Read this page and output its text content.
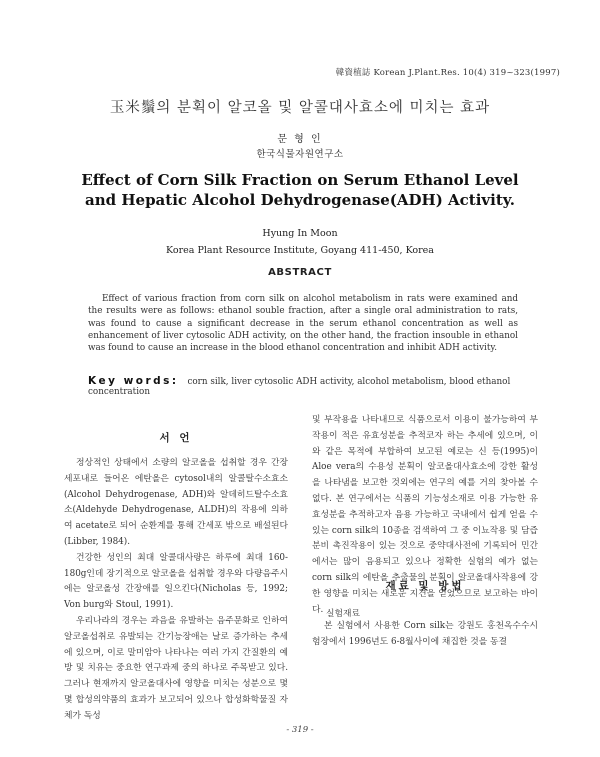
韓資植誌 Korean J.Plant.Res. 10(4) 319~323(1997)
玉米鬚의 분획이 알코올 및 알콜대사효소에 미치는 효과
문 형 인
한국식물자원연구소
Effect of Corn Silk Fraction on Serum Ethanol Level
and Hepatic Alcohol Dehydrogenase(ADH) Activity.
Hyung In Moon
Korea Plant Resource Institute, Goyang 411-450, Korea
ABSTRACT
Effect of various fraction from corn silk on alcohol metabolism in rats were examined and the results were as follows: ethanol souble fraction, after a single oral administration to rats, was found to cause a significant decrease in the serum ethanol concentration as well as enhancement of liver cytosolic ADH activity, on the other hand, the fraction insouble in ethanol was found to cause an increase in the blood ethanol concentration and inhibit ADH activity.
Key words: corn silk, liver cytosolic ADH activity, alcohol metabolism, blood ethanol concentration
서 언

정상적인 상태에서 소량의 알코올을 섭취할 경우 간장세포내로 들어온 에탄올은 cytosol내의 알콜탈수소효소(Alcohol Dehydrogenase, ADH)와 알데히드탈수소효소(Aldehyde Dehydrogenase, ALDH)의 작용에 의하여 acetate로 되어 순환계를 통해 간세포 밖으로 배설된다(Libber, 1984).

건강한 성인의 최대 알콜대사량은 하루에 최대 160-180g인데 장기적으로 알코올을 섭취할 경우와 다량음주시에는 알코올성 간장애를 일으킨다(Nicholas 등, 1992; Von burg와 Stoul, 1991).

우리나라의 경우는 과음을 유발하는 음주문화로 인하여 알코올섭취로 유발되는 간기능장애는 날로 증가하는 추세에 있으며, 이로 말미암아 나타나는 여러 가지 간질환의 예방 및 치유는 중요한 연구과제 중의 하나로 주목받고 있다. 그러나 현재까지 알코올대사에 영향을 미치는 성분으로 몇 몇 합성의약품의 효과가 보고되어 있으나 합성화학물질 자체가 독성

및 부작용을 나타내므로 식품으로서 이용이 불가능하여 부작용이 적은 유효성분을 추적코자 하는 추세에 있으며, 이와 같은 목적에 부합하여 보고된 예로는 신 등(1995)이 Aloe vera의 수용성 분획이 알코올대사효소에 강한 활성을 나타냄을 보고한 것외에는 연구의 예를 거의 찾아볼 수 없다. 본 연구에서는 식품의 기능성소재로 이용 가능한 유효성분을 추적하고자 음용 가능하고 국내에서 쉽게 얻을 수 있는 corn silk의 10종을 검색하여 그 중 이뇨작용 및 담즙분비 촉진작용이 있는 것으로 중약대사전에 기록되어 민간에서는 많이 음용되고 있으나 정확한 실험의 예가 없는 corn silk의 에탄올 추출물의 분획이 알코올대사작용에 강한 영향을 미치는 새로운 지견을 얻었으므로 보고하는 바이다.

재료 및 방법
실험재료

본 실험에서 사용한 Corn silk는 강원도 홍천옥수수시험장에서 1996년도 6-8월사이에 채집한 것을 동결

- 319 -
